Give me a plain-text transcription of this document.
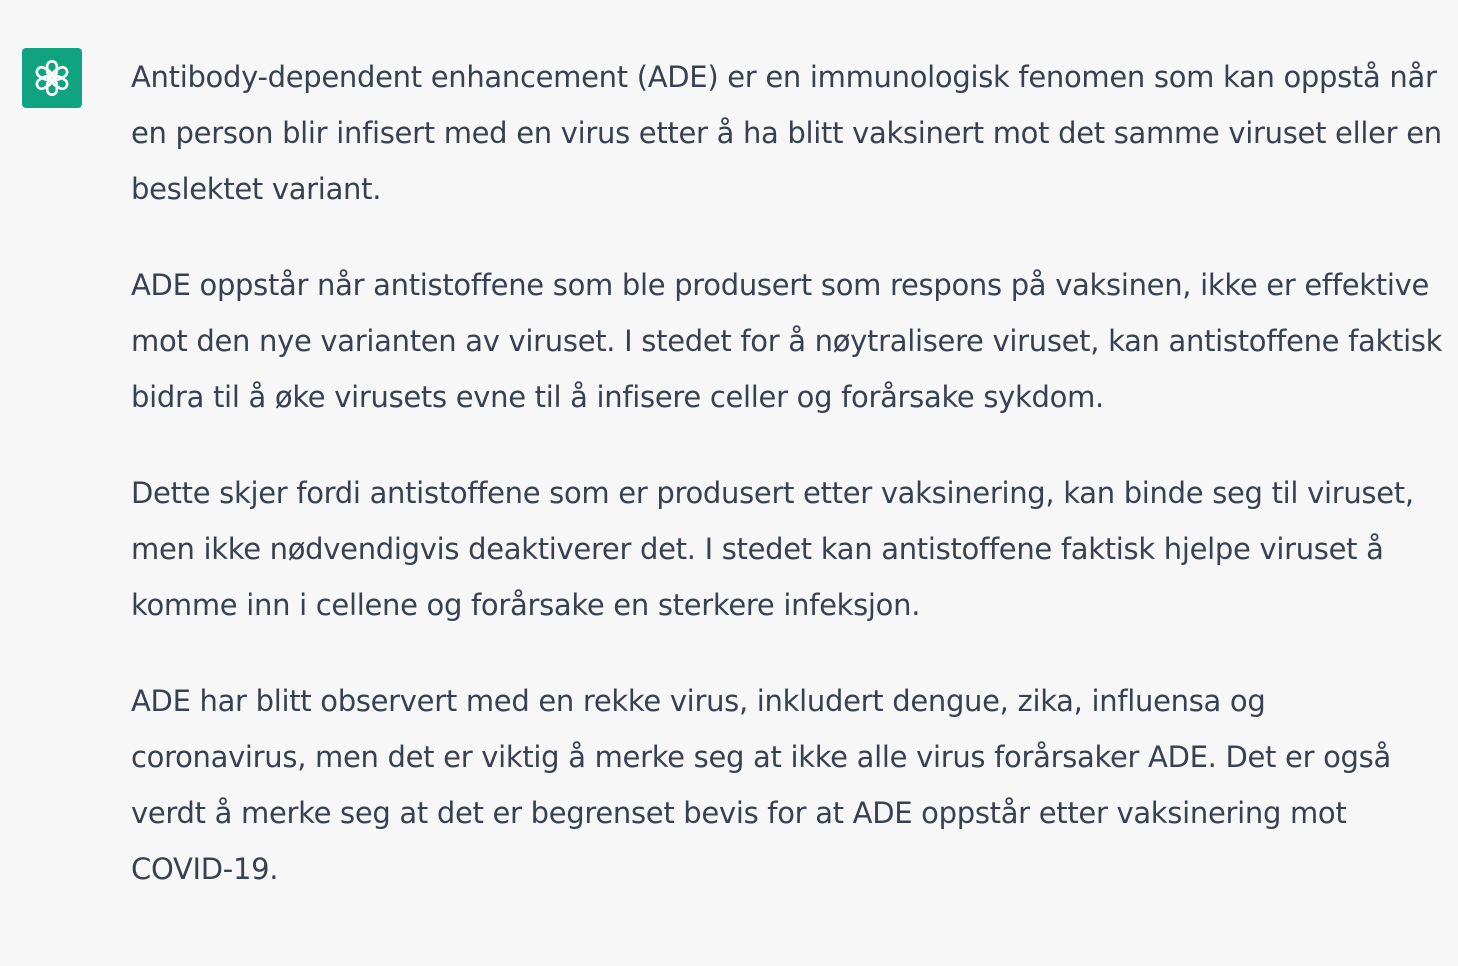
Antibody-dependent enhancement (ADE) er en immunologisk fenomen som kan oppstå når en person blir infisert med en virus etter å ha blitt vaksinert mot det samme viruset eller en beslektet variant.

ADE oppstår når antistoffene som ble produsert som respons på vaksinen, ikke er effektive mot den nye varianten av viruset. I stedet for å nøytralisere viruset, kan antistoffene faktisk bidra til å øke virusets evne til å infisere celler og forårsake sykdom.

Dette skjer fordi antistoffene som er produsert etter vaksinering, kan binde seg til viruset, men ikke nødvendigvis deaktiverer det. I stedet kan antistoffene faktisk hjelpe viruset å komme inn i cellene og forårsake en sterkere infeksjon.

ADE har blitt observert med en rekke virus, inkludert dengue, zika, influensa og coronavirus, men det er viktig å merke seg at ikke alle virus forårsaker ADE. Det er også verdt å merke seg at det er begrenset bevis for at ADE oppstår etter vaksinering mot COVID-19.
